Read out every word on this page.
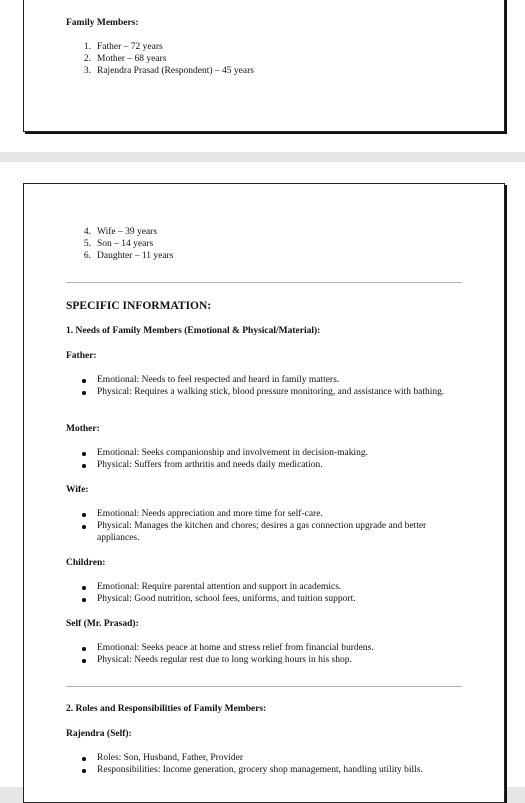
Family Members:
1. Father – 72 years
2. Mother – 68 years
3. Rajendra Prasad (Respondent) – 45 years
4. Wife – 39 years
5. Son – 14 years
6. Daughter – 11 years
SPECIFIC INFORMATION:
1. Needs of Family Members (Emotional & Physical/Material):
Father:
Emotional: Needs to feel respected and heard in family matters.
Physical: Requires a walking stick, blood pressure monitoring, and assistance with bathing.
Mother:
Emotional: Seeks companionship and involvement in decision-making.
Physical: Suffers from arthritis and needs daily medication.
Wife:
Emotional: Needs appreciation and more time for self-care.
Physical: Manages the kitchen and chores; desires a gas connection upgrade and better appliances.
Children:
Emotional: Require parental attention and support in academics.
Physical: Good nutrition, school fees, uniforms, and tuition support.
Self (Mr. Prasad):
Emotional: Seeks peace at home and stress relief from financial burdens.
Physical: Needs regular rest due to long working hours in his shop.
2. Roles and Responsibilities of Family Members:
Rajendra (Self):
Roles: Son, Husband, Father, Provider
Responsibilities: Income generation, grocery shop management, handling utility bills.
